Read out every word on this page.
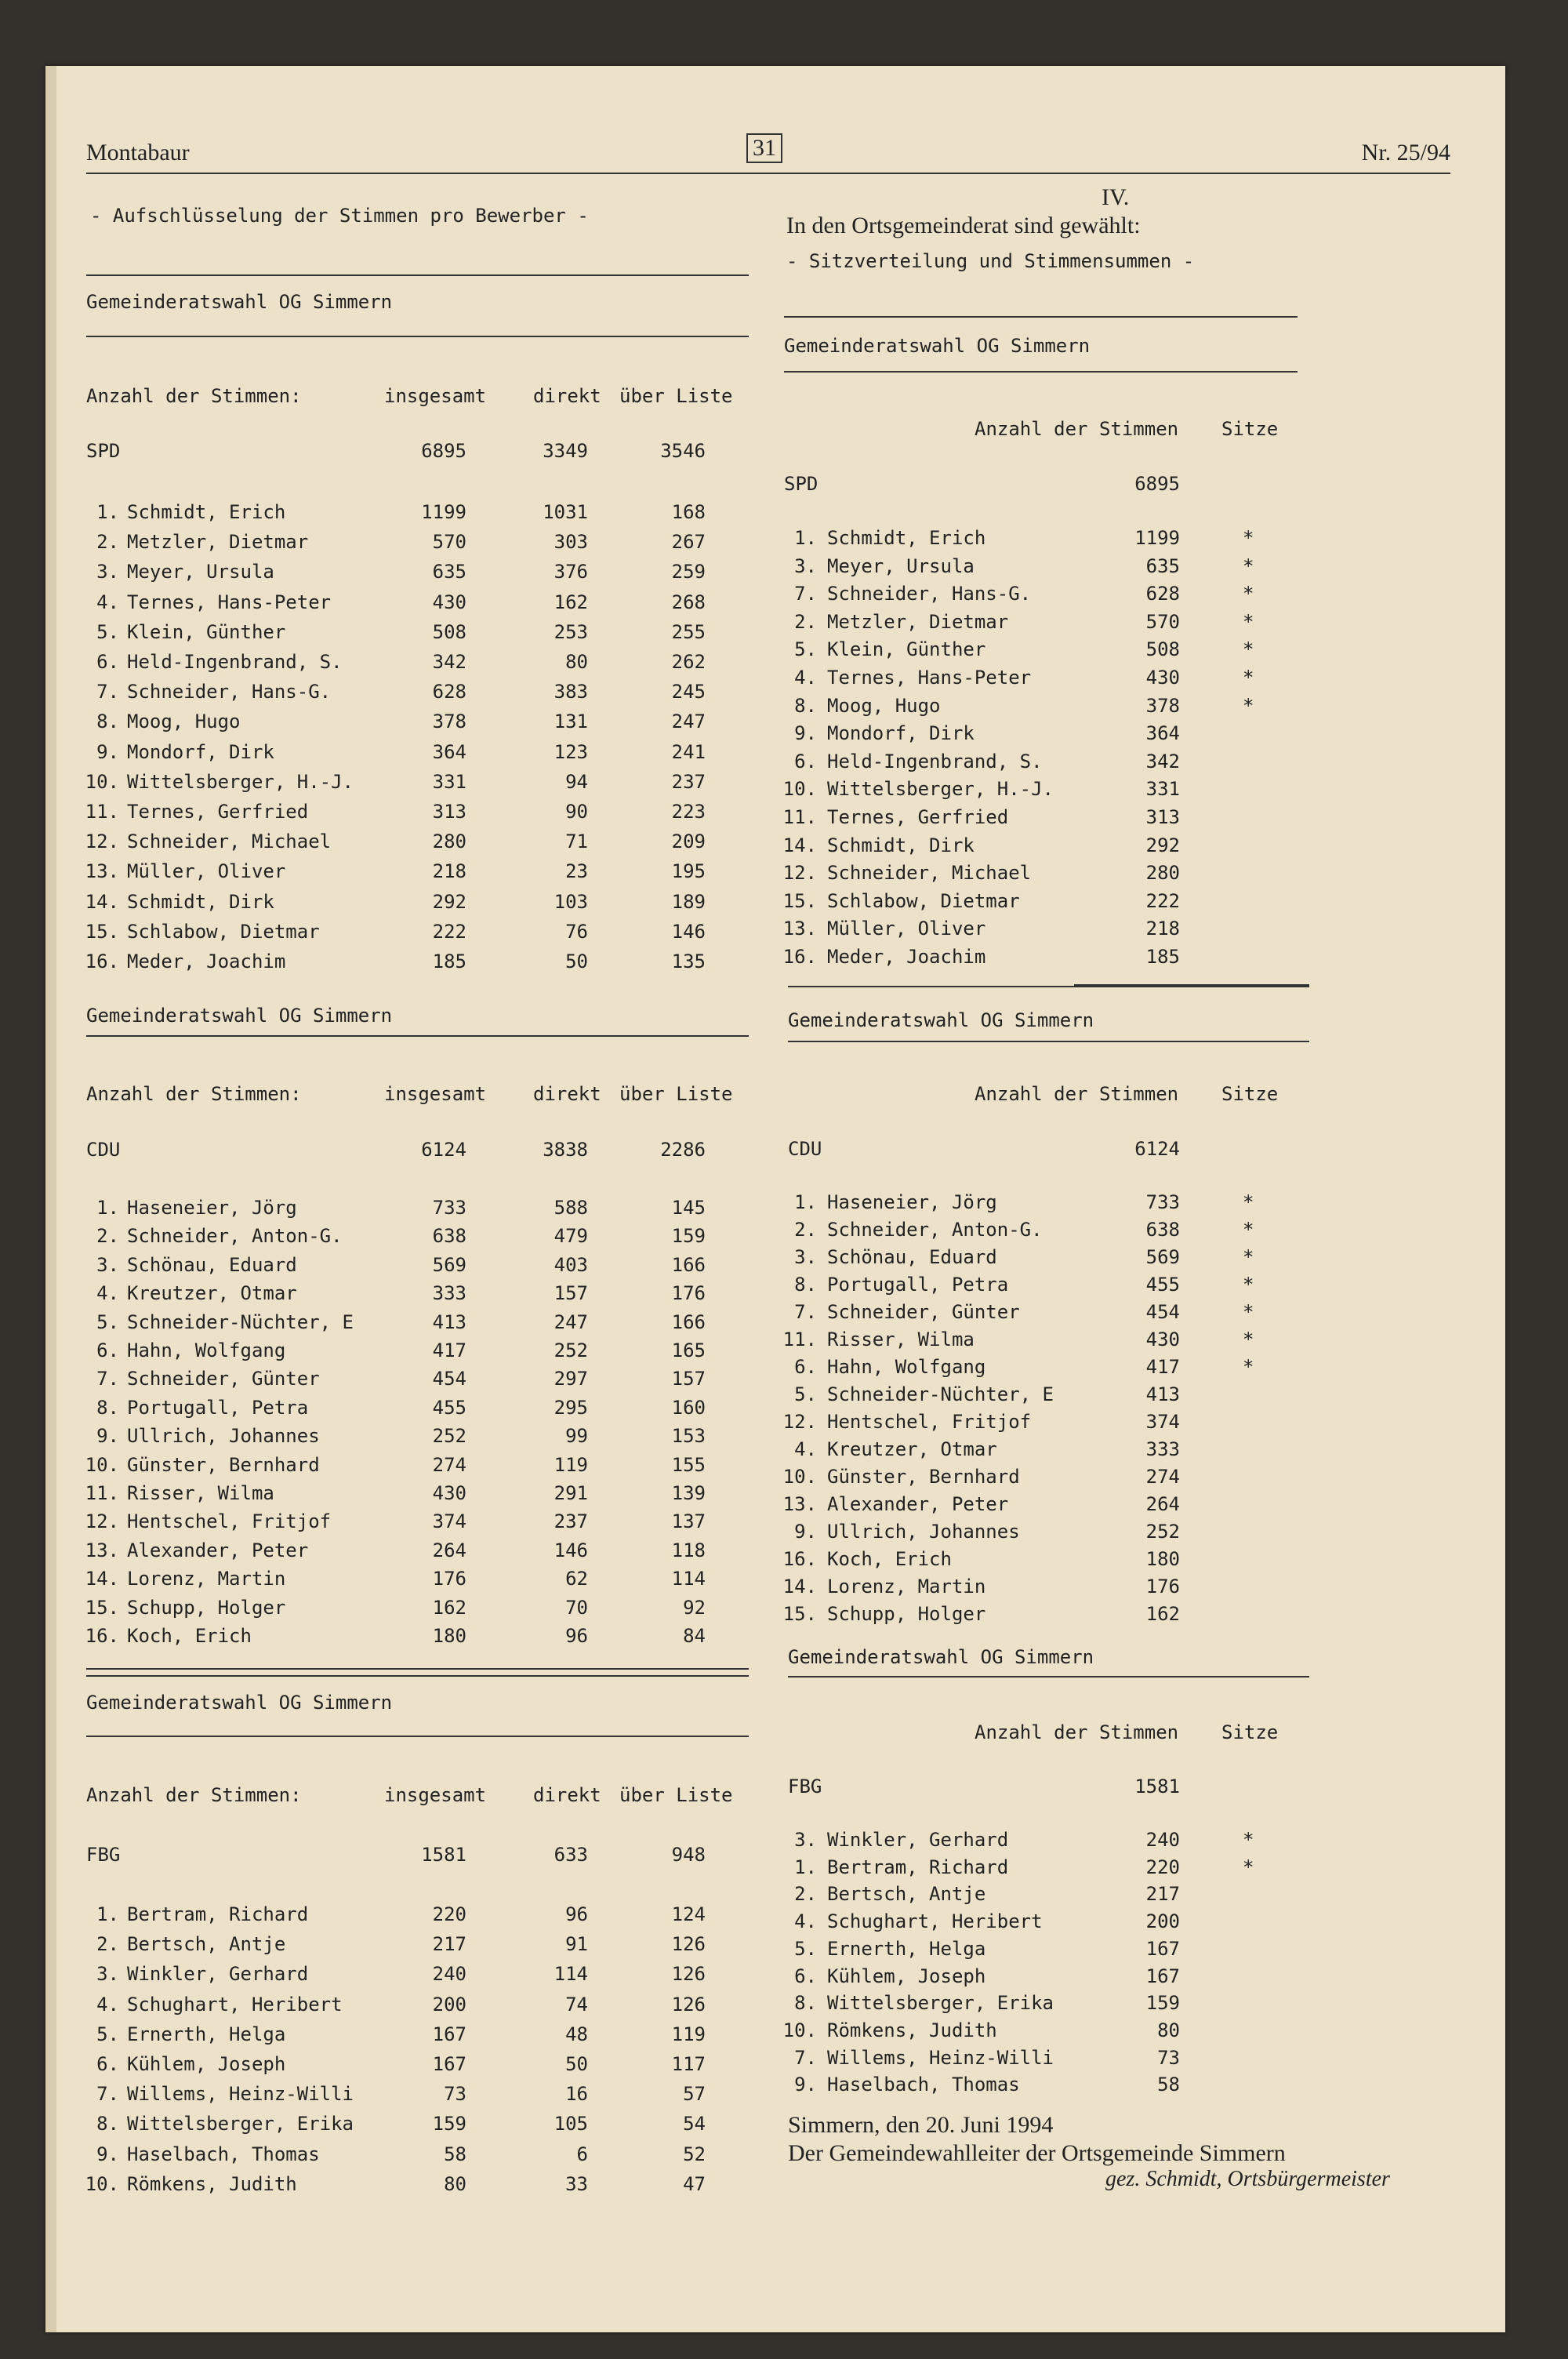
Montabaur	31	Nr. 25/94
- Aufschlüsselung der Stimmen pro Bewerber -
IV.
In den Ortsgemeinderat sind gewählt:
- Sitzverteilung und Stimmensummen -
Gemeinderatswahl OG Simmern
Anzahl der Stimmen:	insgesamt direkt über Liste
SPD	6895	3349	3546
1. Schmidt, Erich	1199	1031	168
2. Metzler, Dietmar	570	303	267
3. Meyer, Ursula	635	376	259
4. Ternes, Hans-Peter	430	162	268
5. Klein, Günther	508	253	255
6. Held-Ingenbrand, S.	342	80	262
7. Schneider, Hans-G.	628	383	245
8. Moog, Hugo	378	131	247
9. Mondorf, Dirk	364	123	241
10. Wittelsberger, H.-J.	331	94	237
11. Ternes, Gerfried	313	90	223
12. Schneider, Michael	280	71	209
13. Müller, Oliver	218	23	195
14. Schmidt, Dirk	292	103	189
15. Schlabow, Dietmar	222	76	146
16. Meder, Joachim	185	50	135
Gemeinderatswahl OG Simmern
Anzahl der Stimmen:	insgesamt direkt über Liste
CDU	6124	3838	2286
1. Haseneier, Jörg	733	588	145
2. Schneider, Anton-G.	638	479	159
3. Schönau, Eduard	569	403	166
4. Kreutzer, Otmar	333	157	176
5. Schneider-Nüchter, E	413	247	166
6. Hahn, Wolfgang	417	252	165
7. Schneider, Günter	454	297	157
8. Portugall, Petra	455	295	160
9. Ullrich, Johannes	252	99	153
10. Günster, Bernhard	274	119	155
11. Risser, Wilma	430	291	139
12. Hentschel, Fritjof	374	237	137
13. Alexander, Peter	264	146	118
14. Lorenz, Martin	176	62	114
15. Schupp, Holger	162	70	92
16. Koch, Erich	180	96	84
Gemeinderatswahl OG Simmern
Anzahl der Stimmen:	insgesamt direkt über Liste
FBG	1581	633	948
1. Bertram, Richard	220	96	124
2. Bertsch, Antje	217	91	126
3. Winkler, Gerhard	240	114	126
4. Schughart, Heribert	200	74	126
5. Ernerth, Helga	167	48	119
6. Kühlem, Joseph	167	50	117
7. Willems, Heinz-Willi	73	16	57
8. Wittelsberger, Erika	159	105	54
9. Haselbach, Thomas	58	6	52
10. Römkens, Judith	80	33	47
Gemeinderatswahl OG Simmern
Anzahl der Stimmen Sitze
SPD	6895
1. Schmidt, Erich	1199	*
3. Meyer, Ursula	635	*
7. Schneider, Hans-G.	628	*
2. Metzler, Dietmar	570	*
5. Klein, Günther	508	*
4. Ternes, Hans-Peter	430	*
8. Moog, Hugo	378	*
9. Mondorf, Dirk	364
6. Held-Ingenbrand, S.	342
10. Wittelsberger, H.-J.	331
11. Ternes, Gerfried	313
14. Schmidt, Dirk	292
12. Schneider, Michael	280
15. Schlabow, Dietmar	222
13. Müller, Oliver	218
16. Meder, Joachim	185
Gemeinderatswahl OG Simmern
Anzahl der Stimmen Sitze
CDU	6124
1. Haseneier, Jörg	733	*
2. Schneider, Anton-G.	638	*
3. Schönau, Eduard	569	*
8. Portugall, Petra	455	*
7. Schneider, Günter	454	*
11. Risser, Wilma	430	*
6. Hahn, Wolfgang	417	*
5. Schneider-Nüchter, E	413
12. Hentschel, Fritjof	374
4. Kreutzer, Otmar	333
10. Günster, Bernhard	274
13. Alexander, Peter	264
9. Ullrich, Johannes	252
16. Koch, Erich	180
14. Lorenz, Martin	176
15. Schupp, Holger	162
Gemeinderatswahl OG Simmern
Anzahl der Stimmen Sitze
FBG	1581
3. Winkler, Gerhard	240	*
1. Bertram, Richard	220	*
2. Bertsch, Antje	217
4. Schughart, Heribert	200
5. Ernerth, Helga	167
6. Kühlem, Joseph	167
8. Wittelsberger, Erika	159
10. Römkens, Judith	80
7. Willems, Heinz-Willi	73
9. Haselbach, Thomas	58
Simmern, den 20. Juni 1994
Der Gemeindewahlleiter der Ortsgemeinde Simmern
gez. Schmidt, Ortsbürgermeister
